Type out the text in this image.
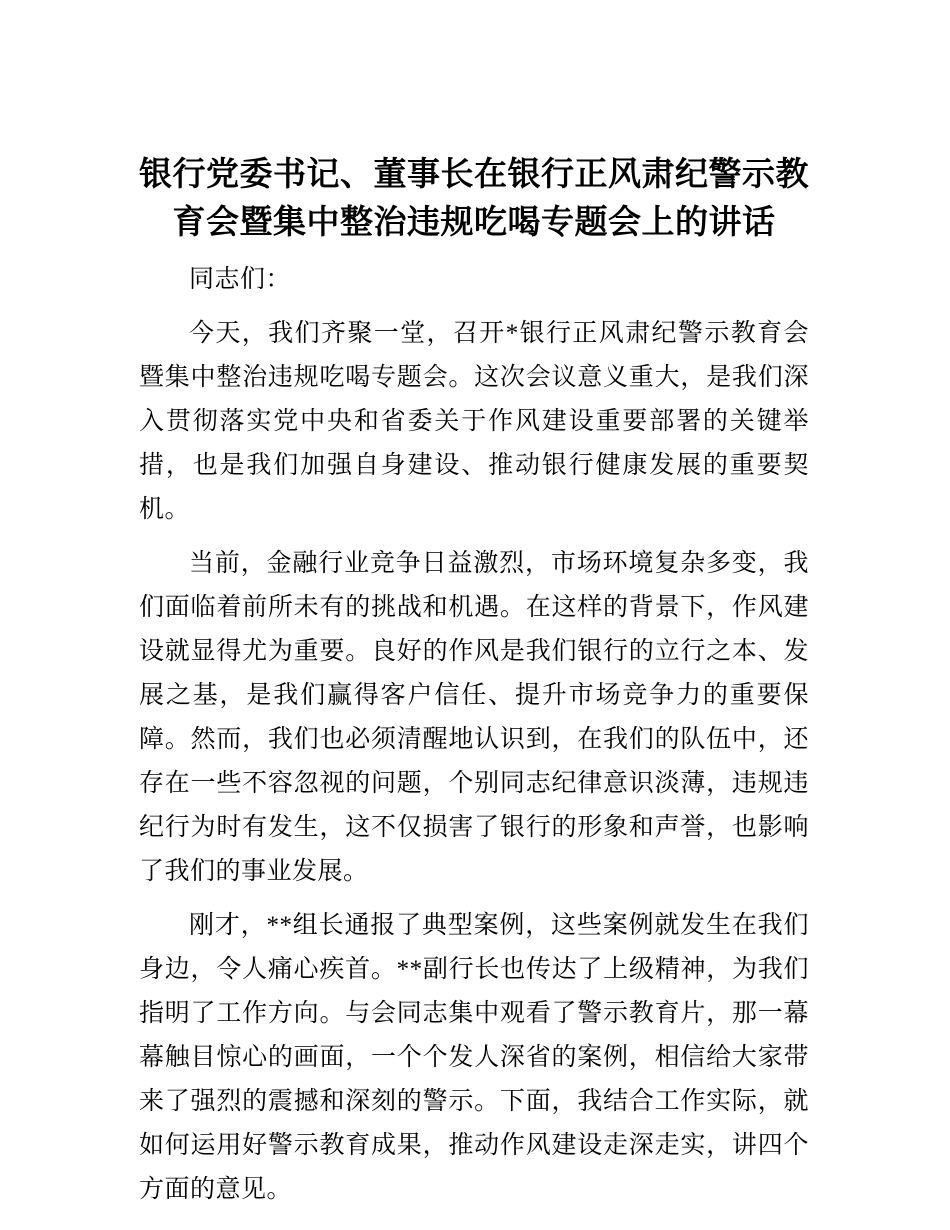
银行党委书记、董事长在银行正风肃纪警示教
育会暨集中整治违规吃喝专题会上的讲话

同志们：

今天，我们齐聚一堂，召开*银行正风肃纪警示教育会暨集中整治违规吃喝专题会。这次会议意义重大，是我们深入贯彻落实党中央和省委关于作风建设重要部署的关键举措，也是我们加强自身建设、推动银行健康发展的重要契机。

当前，金融行业竞争日益激烈，市场环境复杂多变，我们面临着前所未有的挑战和机遇。在这样的背景下，作风建设就显得尤为重要。良好的作风是我们银行的立行之本、发展之基，是我们赢得客户信任、提升市场竞争力的重要保障。然而，我们也必须清醒地认识到，在我们的队伍中，还存在一些不容忽视的问题，个别同志纪律意识淡薄，违规违纪行为时有发生，这不仅损害了银行的形象和声誉，也影响了我们的事业发展。

刚才，**组长通报了典型案例，这些案例就发生在我们身边，令人痛心疾首。**副行长也传达了上级精神，为我们指明了工作方向。与会同志集中观看了警示教育片，那一幕幕触目惊心的画面，一个个发人深省的案例，相信给大家带来了强烈的震撼和深刻的警示。下面，我结合工作实际，就如何运用好警示教育成果，推动作风建设走深走实，讲四个方面的意见。
